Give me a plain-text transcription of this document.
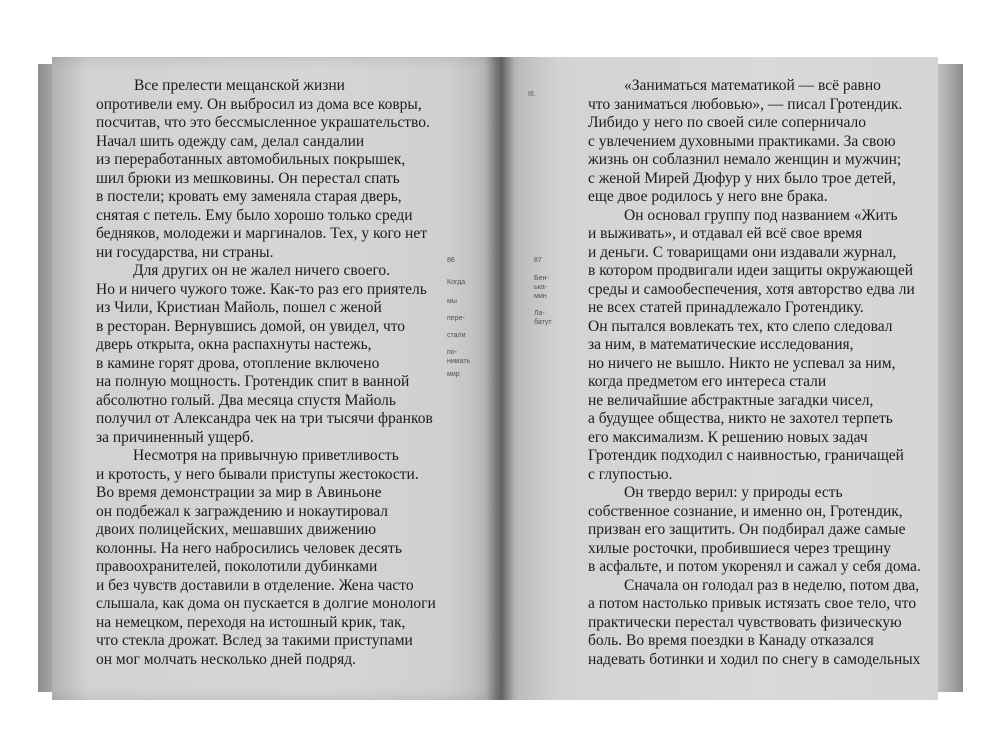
Все прелести мещанской жизни
опротивели ему. Он выбросил из дома все ковры,
посчитав, что это бессмысленное украшательство.
Начал шить одежду сам, делал сандалии
из переработанных автомобильных покрышек,
шил брюки из мешковины. Он перестал спать
в постели; кровать ему заменяла старая дверь,
снятая с петель. Ему было хорошо только среди
бедняков, молодежи и маргиналов. Тех, у кого нет
ни государства, ни страны.
Для других он не жалел ничего своего.
Но и ничего чужого тоже. Как-то раз его приятель
из Чили, Кристиан Майоль, пошел с женой
в ресторан. Вернувшись домой, он увидел, что
дверь открыта, окна распахнуты настежь,
в камине горят дрова, отопление включено
на полную мощность. Гротендик спит в ванной
абсолютно голый. Два месяца спустя Майоль
получил от Александра чек на три тысячи франков
за причиненный ущерб.
Несмотря на привычную приветливость
и кротость, у него бывали приступы жестокости.
Во время демонстрации за мир в Авиньоне
он подбежал к заграждению и нокаутировал
двоих полицейских, мешавших движению
колонны. На него набросились человек десять
правоохранителей, поколотили дубинками
и без чувств доставили в отделение. Жена часто
слышала, как дома он пускается в долгие монологи
на немецком, переходя на истошный крик, так,
что стекла дрожат. Вслед за такими приступами
он мог молчать несколько дней подряд.
86
Когда
мы
пере-
стали
по-
нимать
мир
III.
87
Бен-
ька-
мин
Ла-
батут
«Заниматься математикой — всё равно
что заниматься любовью», — писал Гротендик.
Либидо у него по своей силе соперничало
с увлечением духовными практиками. За свою
жизнь он соблазнил немало женщин и мужчин;
с женой Мирей Дюфур у них было трое детей,
еще двое родилось у него вне брака.
Он основал группу под названием «Жить
и выживать», и отдавал ей всё свое время
и деньги. С товарищами они издавали журнал,
в котором продвигали идеи защиты окружающей
среды и самообеспечения, хотя авторство едва ли
не всех статей принадлежало Гротендику.
Он пытался вовлекать тех, кто слепо следовал
за ним, в математические исследования,
но ничего не вышло. Никто не успевал за ним,
когда предметом его интереса стали
не величайшие абстрактные загадки чисел,
а будущее общества, никто не захотел терпеть
его максимализм. К решению новых задач
Гротендик подходил с наивностью, граничащей
с глупостью.
Он твердо верил: у природы есть
собственное сознание, и именно он, Гротендик,
призван его защитить. Он подбирал даже самые
хилые росточки, пробившиеся через трещину
в асфальте, и потом укоренял и сажал у себя дома.
Сначала он голодал раз в неделю, потом два,
а потом настолько привык истязать свое тело, что
практически перестал чувствовать физическую
боль. Во время поездки в Канаду отказался
надевать ботинки и ходил по снегу в самодельных
